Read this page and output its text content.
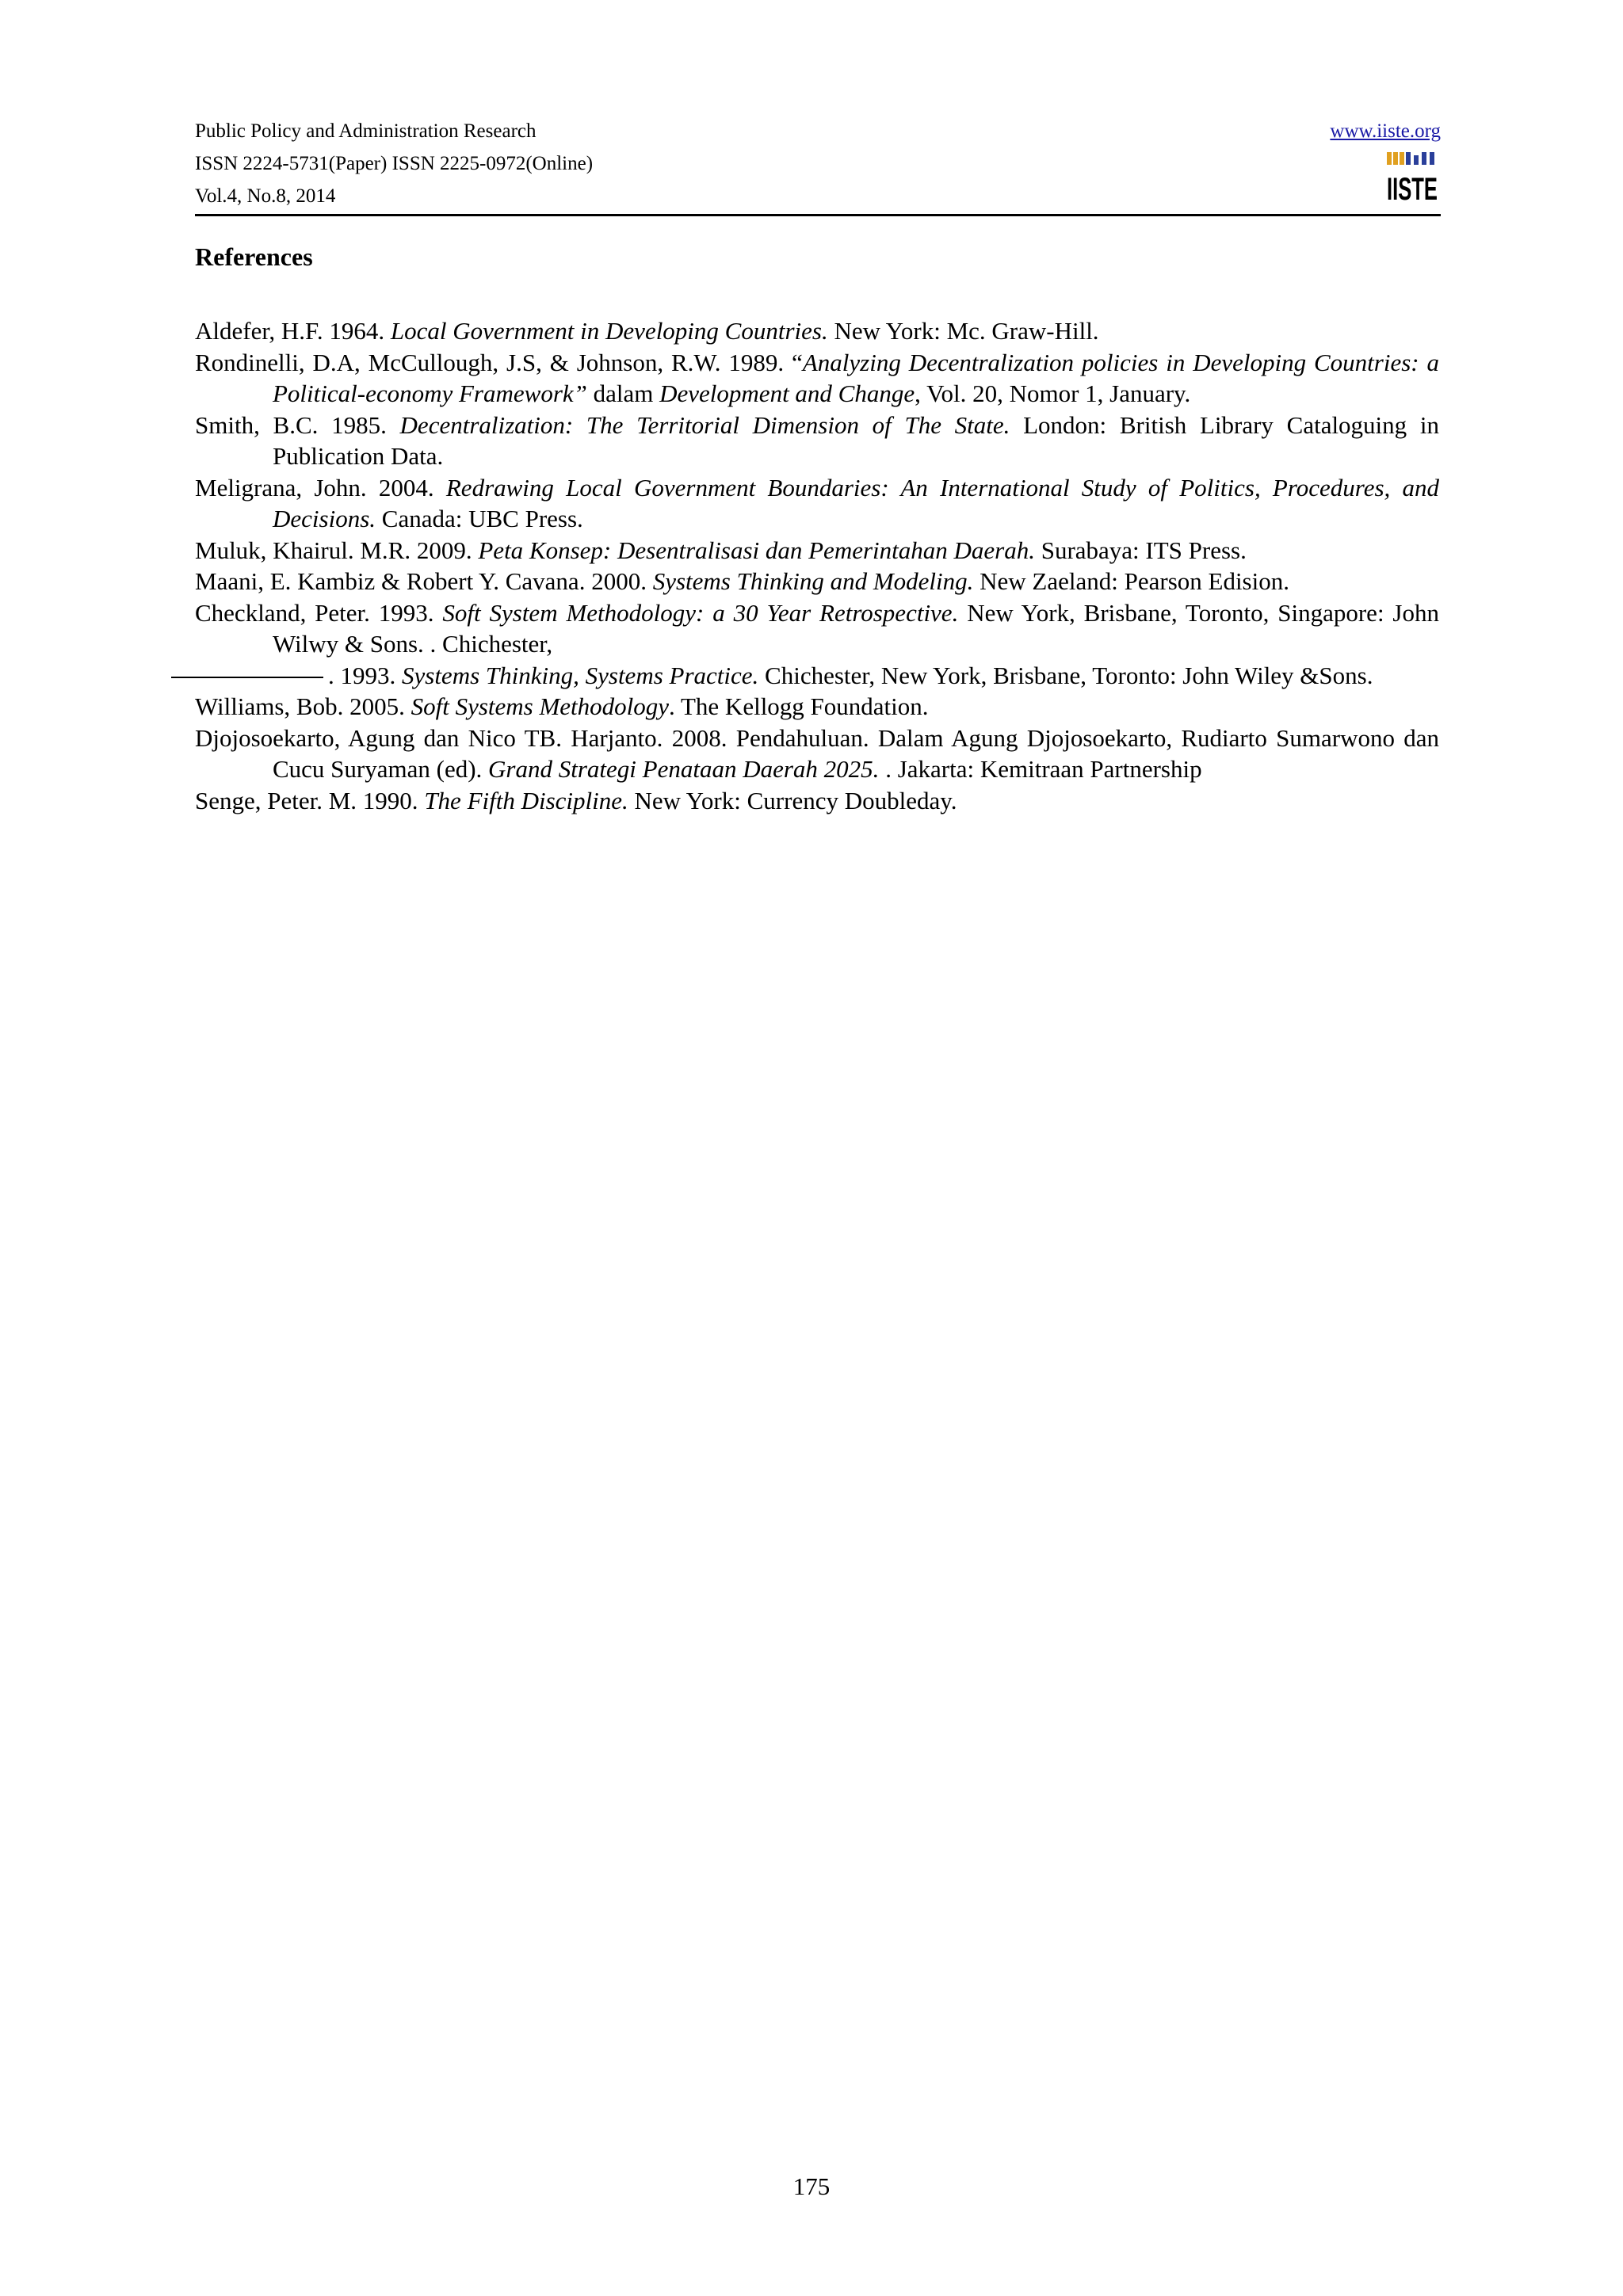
Public Policy and Administration Research
ISSN 2224-5731(Paper) ISSN 2225-0972(Online)
Vol.4, No.8, 2014
www.iiste.org
IISTE
References

Aldefer, H.F. 1964. Local Government in Developing Countries. New York: Mc. Graw-Hill.

Rondinelli, D.A, McCullough, J.S, & Johnson, R.W. 1989. “Analyzing Decentralization policies in Developing Countries: a Political-economy Framework” dalam Development and Change, Vol. 20, Nomor 1, January.

Smith, B.C. 1985. Decentralization: The Territorial Dimension of The State. London: British Library Cataloguing in Publication Data.

Meligrana, John. 2004. Redrawing Local Government Boundaries: An International Study of Politics, Procedures, and Decisions. Canada: UBC Press.

Muluk, Khairul. M.R. 2009. Peta Konsep: Desentralisasi dan Pemerintahan Daerah. Surabaya: ITS Press.

Maani, E. Kambiz & Robert Y. Cavana. 2000. Systems Thinking and Modeling. New Zaeland: Pearson Edision.

Checkland, Peter. 1993. Soft System Methodology: a 30 Year Retrospective. New York, Brisbane, Toronto, Singapore: John Wilwy & Sons. . Chichester,

. 1993. Systems Thinking, Systems Practice. Chichester, New York, Brisbane, Toronto: John Wiley &Sons.

Williams, Bob. 2005. Soft Systems Methodology. The Kellogg Foundation.

Djojosoekarto, Agung dan Nico TB. Harjanto. 2008. Pendahuluan. Dalam Agung Djojosoekarto, Rudiarto Sumarwono dan Cucu Suryaman (ed). Grand Strategi Penataan Daerah 2025. . Jakarta: Kemitraan Partnership

Senge, Peter. M. 1990. The Fifth Discipline. New York: Currency Doubleday.

175
